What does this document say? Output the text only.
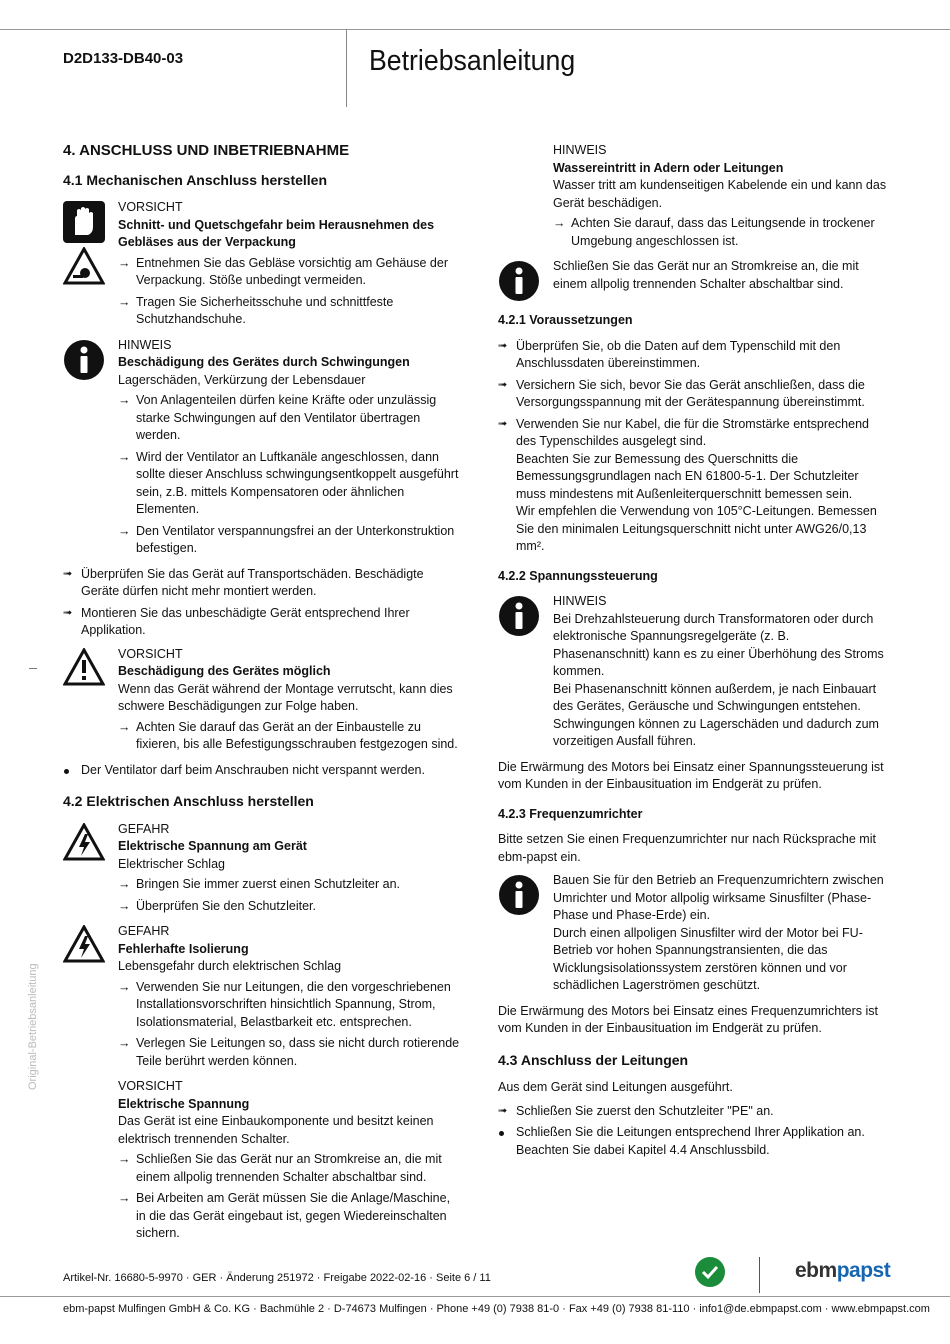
D2D133-DB40-03	Betriebsanleitung
Original-Betriebsanleitung
4. ANSCHLUSS UND INBETRIEBNAHME
4.1 Mechanischen Anschluss herstellen
VORSICHT
Schnitt- und Quetschgefahr beim Herausnehmen des Gebläses aus der Verpackung
→ Entnehmen Sie das Gebläse vorsichtig am Gehäuse der Verpackung. Stöße unbedingt vermeiden.
→ Tragen Sie Sicherheitsschuhe und schnittfeste Schutzhandschuhe.
HINWEIS
Beschädigung des Gerätes durch Schwingungen
Lagerschäden, Verkürzung der Lebensdauer
→ Von Anlagenteilen dürfen keine Kräfte oder unzulässig starke Schwingungen auf den Ventilator übertragen werden.
→ Wird der Ventilator an Luftkanäle angeschlossen, dann sollte dieser Anschluss schwingungsentkoppelt ausgeführt sein, z.B. mittels Kompensatoren oder ähnlichen Elementen.
→ Den Ventilator verspannungsfrei an der Unterkonstruktion befestigen.
➟ Überprüfen Sie das Gerät auf Transportschäden. Beschädigte Geräte dürfen nicht mehr montiert werden.
➟ Montieren Sie das unbeschädigte Gerät entsprechend Ihrer Applikation.
VORSICHT
Beschädigung des Gerätes möglich
Wenn das Gerät während der Montage verrutscht, kann dies schwere Beschädigungen zur Folge haben.
→ Achten Sie darauf das Gerät an der Einbaustelle zu fixieren, bis alle Befestigungsschrauben festgezogen sind.
Der Ventilator darf beim Anschrauben nicht verspannt werden.
4.2 Elektrischen Anschluss herstellen
GEFAHR
Elektrische Spannung am Gerät
Elektrischer Schlag
→ Bringen Sie immer zuerst einen Schutzleiter an.
→ Überprüfen Sie den Schutzleiter.
GEFAHR
Fehlerhafte Isolierung
Lebensgefahr durch elektrischen Schlag
→ Verwenden Sie nur Leitungen, die den vorgeschriebenen Installationsvorschriften hinsichtlich Spannung, Strom, Isolationsmaterial, Belastbarkeit etc. entsprechen.
→ Verlegen Sie Leitungen so, dass sie nicht durch rotierende Teile berührt werden können.
VORSICHT
Elektrische Spannung
Das Gerät ist eine Einbaukomponente und besitzt keinen elektrisch trennenden Schalter.
→ Schließen Sie das Gerät nur an Stromkreise an, die mit einem allpolig trennenden Schalter abschaltbar sind.
→ Bei Arbeiten am Gerät müssen Sie die Anlage/Maschine, in die das Gerät eingebaut ist, gegen Wiedereinschalten sichern.
HINWEIS
Wassereintritt in Adern oder Leitungen
Wasser tritt am kundenseitigen Kabelende ein und kann das Gerät beschädigen.
→ Achten Sie darauf, dass das Leitungsende in trockener Umgebung angeschlossen ist.
Schließen Sie das Gerät nur an Stromkreise an, die mit einem allpolig trennenden Schalter abschaltbar sind.
4.2.1 Voraussetzungen
➟ Überprüfen Sie, ob die Daten auf dem Typenschild mit den Anschlussdaten übereinstimmen.
➟ Versichern Sie sich, bevor Sie das Gerät anschließen, dass die Versorgungsspannung mit der Gerätespannung übereinstimmt.
➟ Verwenden Sie nur Kabel, die für die Stromstärke entsprechend des Typenschildes ausgelegt sind.
Beachten Sie zur Bemessung des Querschnitts die Bemessungsgrundlagen nach EN 61800-5-1. Der Schutzleiter muss mindestens mit Außenleiterquerschnitt bemessen sein.
Wir empfehlen die Verwendung von 105°C-Leitungen. Bemessen Sie den minimalen Leitungsquerschnitt nicht unter AWG26/0,13 mm².
4.2.2 Spannungssteuerung
HINWEIS
Bei Drehzahlsteuerung durch Transformatoren oder durch elektronische Spannungsregelgeräte (z. B. Phasenanschnitt) kann es zu einer Überhöhung des Stroms kommen.
Bei Phasenanschnitt können außerdem, je nach Einbauart des Gerätes, Geräusche und Schwingungen entstehen. Schwingungen können zu Lagerschäden und dadurch zum vorzeitigen Ausfall führen.
Die Erwärmung des Motors bei Einsatz einer Spannungssteuerung ist vom Kunden in der Einbausituation im Endgerät zu prüfen.
4.2.3 Frequenzumrichter
Bitte setzen Sie einen Frequenzumrichter nur nach Rücksprache mit ebm-papst ein.
Bauen Sie für den Betrieb an Frequenzumrichtern zwischen Umrichter und Motor allpolig wirksame Sinusfilter (Phase-Phase und Phase-Erde) ein.
Durch einen allpoligen Sinusfilter wird der Motor bei FU-Betrieb vor hohen Spannungstransienten, die das Wicklungsisolationssystem zerstören können und vor schädlichen Lagerströmen geschützt.
Die Erwärmung des Motors bei Einsatz eines Frequenzumrichters ist vom Kunden in der Einbausituation im Endgerät zu prüfen.
4.3 Anschluss der Leitungen
Aus dem Gerät sind Leitungen ausgeführt.
➟ Schließen Sie zuerst den Schutzleiter "PE" an.
Schließen Sie die Leitungen entsprechend Ihrer Applikation an. Beachten Sie dabei Kapitel 4.4 Anschlussbild.
Artikel-Nr. 16680-5-9970 · GER · Änderung 251972 · Freigabe 2022-02-16 · Seite 6 / 11	ebmpapst
ebm-papst Mulfingen GmbH & Co. KG · Bachmühle 2 · D-74673 Mulfingen · Phone +49 (0) 7938 81-0 · Fax +49 (0) 7938 81-110 · info1@de.ebmpapst.com · www.ebmpapst.com
